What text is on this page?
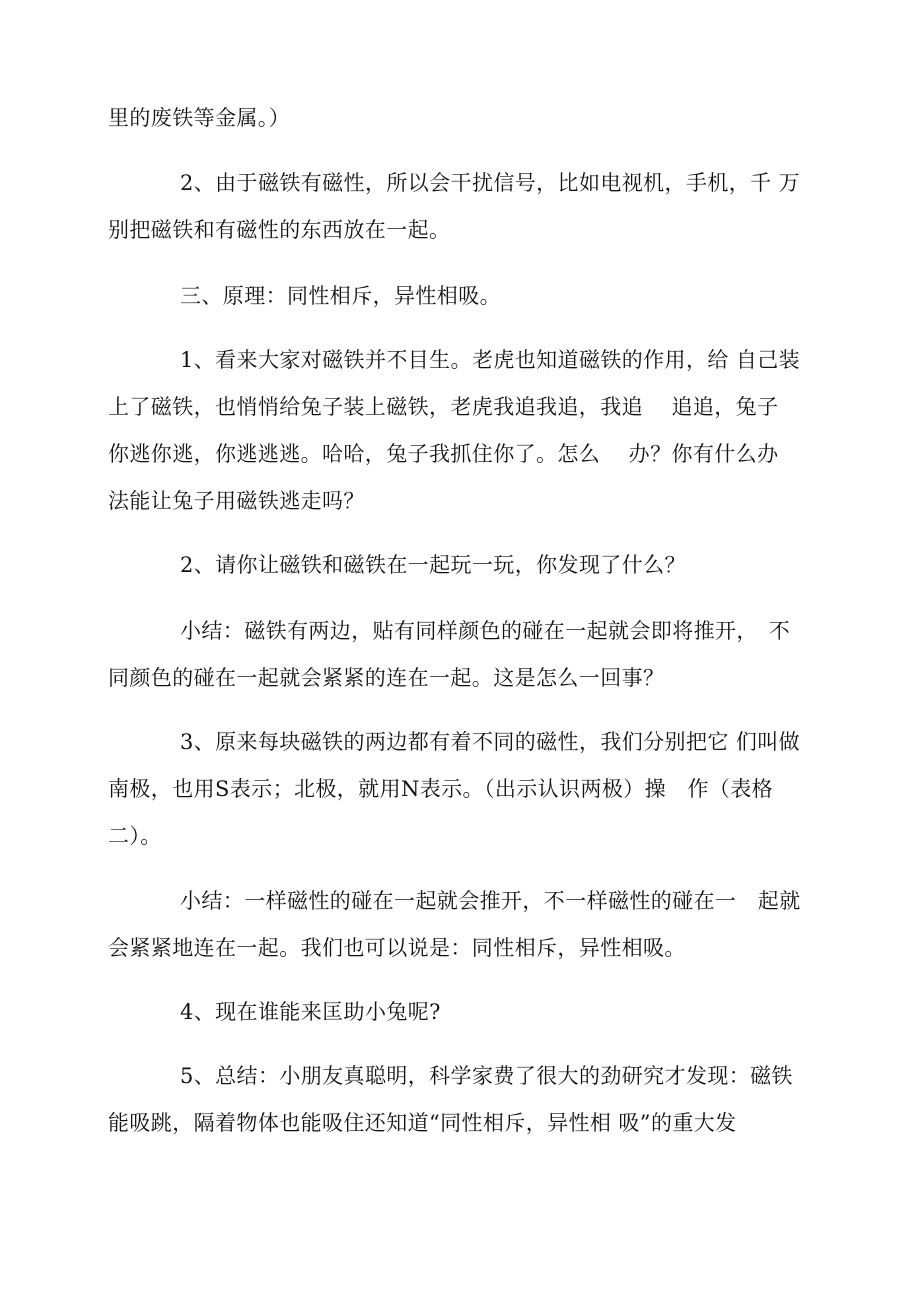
里的废铁等金属。）
2、由于磁铁有磁性，所以会干扰信号，比如电视机，手机，千 万
别把磁铁和有磁性的东西放在一起。
三、原理：同性相斥，异性相吸。
1、看来大家对磁铁并不目生。老虎也知道磁铁的作用，给 自己装
上了磁铁，也悄悄给兔子装上磁铁，老虎我追我追，我追　 追追，兔子
你逃你逃，你逃逃逃。哈哈，兔子我抓住你了。怎么　 办？你有什么办
法能让兔子用磁铁逃走吗？
2、请你让磁铁和磁铁在一起玩一玩，你发现了什么？
小结：磁铁有两边，贴有同样颜色的碰在一起就会即将推开，　不
同颜色的碰在一起就会紧紧的连在一起。这是怎么一回事？
3、原来每块磁铁的两边都有着不同的磁性，我们分别把它 们叫做
南极，也用S表示；北极，就用N表示。（出示认识两极）操　作（表格
二）。
小结：一样磁性的碰在一起就会推开，不一样磁性的碰在一　起就
会紧紧地连在一起。我们也可以说是：同性相斥，异性相吸。
4、现在谁能来匡助小兔呢?
5、总结：小朋友真聪明，科学家费了很大的劲研究才发现：磁铁
能吸跳，隔着物体也能吸住还知道“同性相斥，异性相 吸”的重大发
